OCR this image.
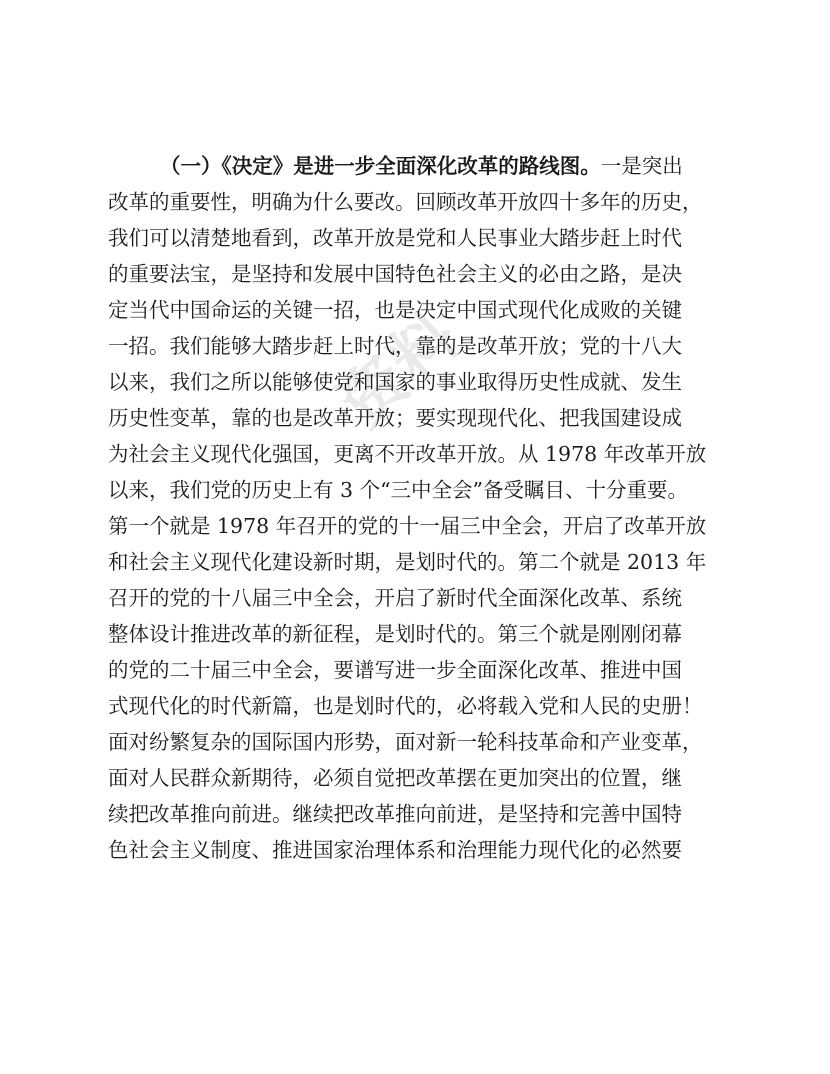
资料
（一）《决定》是进一步全面深化改革的路线图。一是突出
改革的重要性，明确为什么要改。回顾改革开放四十多年的历史，
我们可以清楚地看到，改革开放是党和人民事业大踏步赶上时代
的重要法宝，是坚持和发展中国特色社会主义的必由之路，是决
定当代中国命运的关键一招，也是决定中国式现代化成败的关键
一招。我们能够大踏步赶上时代，靠的是改革开放；党的十八大
以来，我们之所以能够使党和国家的事业取得历史性成就、发生
历史性变革，靠的也是改革开放；要实现现代化、把我国建设成
为社会主义现代化强国，更离不开改革开放。从 1978 年改革开放
以来，我们党的历史上有 3 个“三中全会”备受瞩目、十分重要。
第一个就是 1978 年召开的党的十一届三中全会，开启了改革开放
和社会主义现代化建设新时期，是划时代的。第二个就是 2013 年
召开的党的十八届三中全会，开启了新时代全面深化改革、系统
整体设计推进改革的新征程，是划时代的。第三个就是刚刚闭幕
的党的二十届三中全会，要谱写进一步全面深化改革、推进中国
式现代化的时代新篇，也是划时代的，必将载入党和人民的史册！
面对纷繁复杂的国际国内形势，面对新一轮科技革命和产业变革，
面对人民群众新期待，必须自觉把改革摆在更加突出的位置，继
续把改革推向前进。继续把改革推向前进，是坚持和完善中国特
色社会主义制度、推进国家治理体系和治理能力现代化的必然要
